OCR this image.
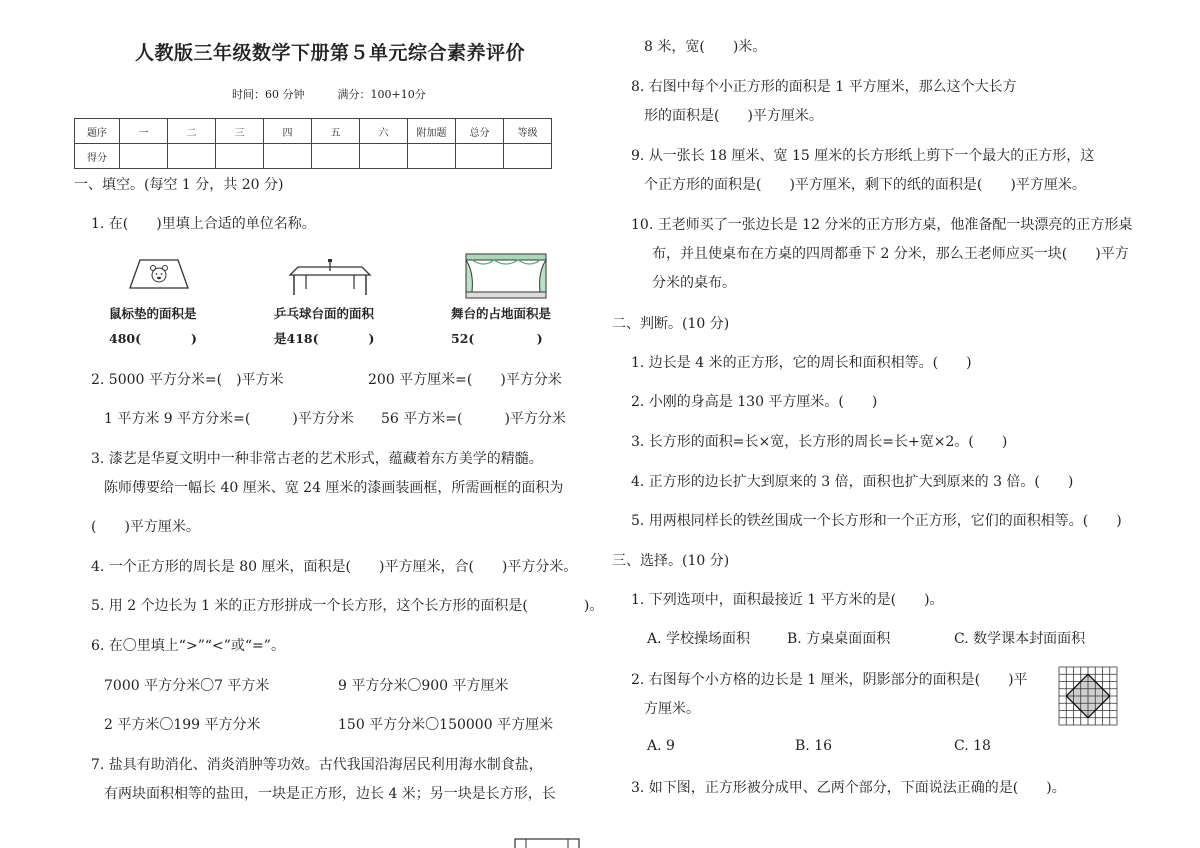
人教版三年级数学下册第５单元综合素养评价
时间：60 分钟　　　满分：100+10分
题序	一	二	三	四	五	六	附加题	总分	等级
得分									
一、填空。(每空 1 分，共 20 分)
1. 在(　　)里填上合适的单位名称。
鼠标垫的面积是	乒乓球台面的面积	舞台的占地面积是
480(　　　　)	是418(　　　　)	52(　　　　　)
2. 5000 平方分米=(　)平方米	200 平方厘米=(　　)平方分米
1 平方米 9 平方分米=(　　　)平方分米 56 平方米=(　　　)平方分米
3. 漆艺是华夏文明中一种非常古老的艺术形式，蕴藏着东方美学的精髓。
陈师傅要给一幅长 40 厘米、宽 24 厘米的漆画装画框，所需画框的面积为
(　　)平方厘米。
4. 一个正方形的周长是 80 厘米，面积是(　　)平方厘米，合(　　)平方分米。
5. 用 2 个边长为 1 米的正方形拼成一个长方形，这个长方形的面积是(　　　　)。
6. 在〇里填上“>”“<”或“=”。
7000 平方分米〇7 平方米	9 平方分米〇900 平方厘米
2 平方米〇199 平方分米	150 平方分米〇150000 平方厘米
7. 盐具有助消化、消炎消肿等功效。古代我国沿海居民利用海水制食盐，
有两块面积相等的盐田，一块是正方形，边长 4 米；另一块是长方形，长
8 米，宽(　　)米。
8. 右图中每个小正方形的面积是 1 平方厘米，那么这个大长方
形的面积是(　　)平方厘米。
9. 从一张长 18 厘米、宽 15 厘米的长方形纸上剪下一个最大的正方形，这
个正方形的面积是(　　)平方厘米，剩下的纸的面积是(　　)平方厘米。
10. 王老师买了一张边长是 12 分米的正方形方桌，他准备配一块漂亮的正方形桌
布，并且使桌布在方桌的四周都垂下 2 分米，那么王老师应买一块(　　)平方
分米的桌布。
二、判断。(10 分)
1. 边长是 4 米的正方形，它的周长和面积相等。(　　)
2. 小刚的身高是 130 平方厘米。(　　)
3. 长方形的面积=长×宽，长方形的周长=长+宽×2。(　　)
4. 正方形的边长扩大到原来的 3 倍，面积也扩大到原来的 3 倍。(　　)
5. 用两根同样长的铁丝围成一个长方形和一个正方形，它们的面积相等。(　　)
三、选择。(10 分)
1. 下列选项中，面积最接近 1 平方米的是(　　)。
A. 学校操场面积	B. 方桌桌面面积	C. 数学课本封面面积
2. 右图每个小方格的边长是 1 厘米，阴影部分的面积是(　　)平
方厘米。
A. 9	B. 16	C. 18
3. 如下图，正方形被分成甲、乙两个部分，下面说法正确的是(　　)。
